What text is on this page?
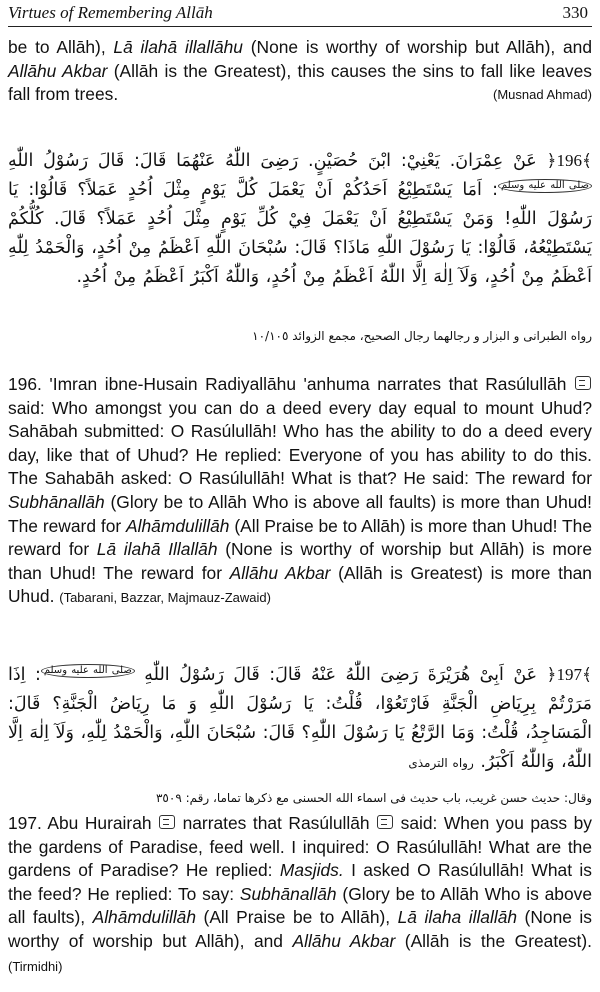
Virtues of Remembering Allāh	330
be to Allāh), Lā ilahā illallāhu (None is worthy of worship but Allāh), and Allāhu Akbar (Allāh is the Greatest), this causes the sins to fall like leaves fall from trees.	(Musnad Ahmad)
﴿196﴾ عَنْ عِمْرَانَ. يَعْنِيْ: ابْنَ حُصَيْنٍ. رَضِىَ اللّٰهُ عَنْهُمَا قَالَ: قَالَ رَسُوْلُ اللّٰهِ صلى الله عليه وسلم: اَمَا يَسْتَطِيْعُ اَحَدُكُمْ اَنْ يَعْمَلَ كُلَّ يَوْمٍ مِثْلَ اُحُدٍ عَمَلاً؟ قَالُوْا: يَا رَسُوْلَ اللّٰهِ! وَمَنْ يَسْتَطِيْعُ اَنْ يَعْمَلَ فِيْ كُلِّ يَوْمٍ مِثْلَ اُحُدٍ عَمَلاً؟ قَالَ. كُلُّكُمْ يَسْتَطِيْعُهُ، قَالُوْا: يَا رَسُوْلَ اللّٰهِ مَاذَا؟ قَالَ: سُبْحَانَ اللّٰهِ اَعْظَمُ مِنْ اُحُدٍ، وَالْحَمْدُ لِلّٰهِ اَعْظَمُ مِنْ اُحُدٍ، وَلَآ اِلٰهَ اِلَّا اللّٰهُ اَعْظَمُ مِنْ اُحُدٍ، وَاللّٰهُ اَكْبَرُ اَعْظَمُ مِنْ اُحُدٍ.
رواه الطبرانى و البزار و رجالهما رجال الصحيح، مجمع الزوائد ١٠/١٠٥
196. 'Imran ibne-Husain Radiyallāhu 'anhuma narrates that Rasúlullāh  said: Who amongst you can do a deed every day equal to mount Uhud? Sahābah submitted: O Rasúlullāh! Who has the ability to do a deed every day, like that of Uhud? He replied: Everyone of you has ability to do this. The Sahabāh asked: O Rasúlullāh! What is that? He said: The reward for Subhānallāh (Glory be to Allāh Who is above all faults) is more than Uhud! The reward for Alhāmdulillāh (All Praise be to Allāh) is more than Uhud! The reward for Lā ilahā Illallāh (None is worthy of worship but Allāh) is more than Uhud! The reward for Allāhu Akbar (Allāh is Greatest) is more than Uhud. (Tabarani, Bazzar, Majmauz-Zawaid)
﴿197﴾ عَنْ اَبِىْ هُرَيْرَةَ رَضِىَ اللّٰهُ عَنْهُ قَالَ: قَالَ رَسُوْلُ اللّٰهِ صلى الله عليه وسلم: اِذَا مَرَرْتُمْ بِرِيَاضِ الْجَنَّةِ فَارْتَعُوْا، قُلْتُ: يَا رَسُوْلَ اللّٰهِ وَ مَا رِيَاضُ الْجَنَّةِ؟ قَالَ: الْمَسَاجِدُ، قُلْتُ: وَمَا الرَّتْعُ يَا رَسُوْلَ اللّٰهِ؟ قَالَ: سُبْحَانَ اللّٰهِ، وَالْحَمْدُ لِلّٰهِ، وَلَآ اِلٰهَ اِلَّا اللّٰهُ، وَاللّٰهُ اَكْبَرُ. رواه الترمذى
وقال: حديث حسن غريب، باب حديث فى اسماء الله الحسنى مع ذكرها تماما، رقم: ٣٥٠٩
197. Abu Hurairah  narrates that Rasúlullāh  said: When you pass by the gardens of Paradise, feed well. I inquired: O Rasúlullāh! What are the gardens of Paradise? He replied: Masjids. I asked O Rasúlullāh! What is the feed? He replied: To say: Subhānallāh (Glory be to Allāh Who is above all faults), Alhāmdulillāh (All Praise be to Allāh), Lā ilaha illallāh (None is worthy of worship but Allāh), and Allāhu Akbar (Allāh is the Greatest). (Tirmidhi)
